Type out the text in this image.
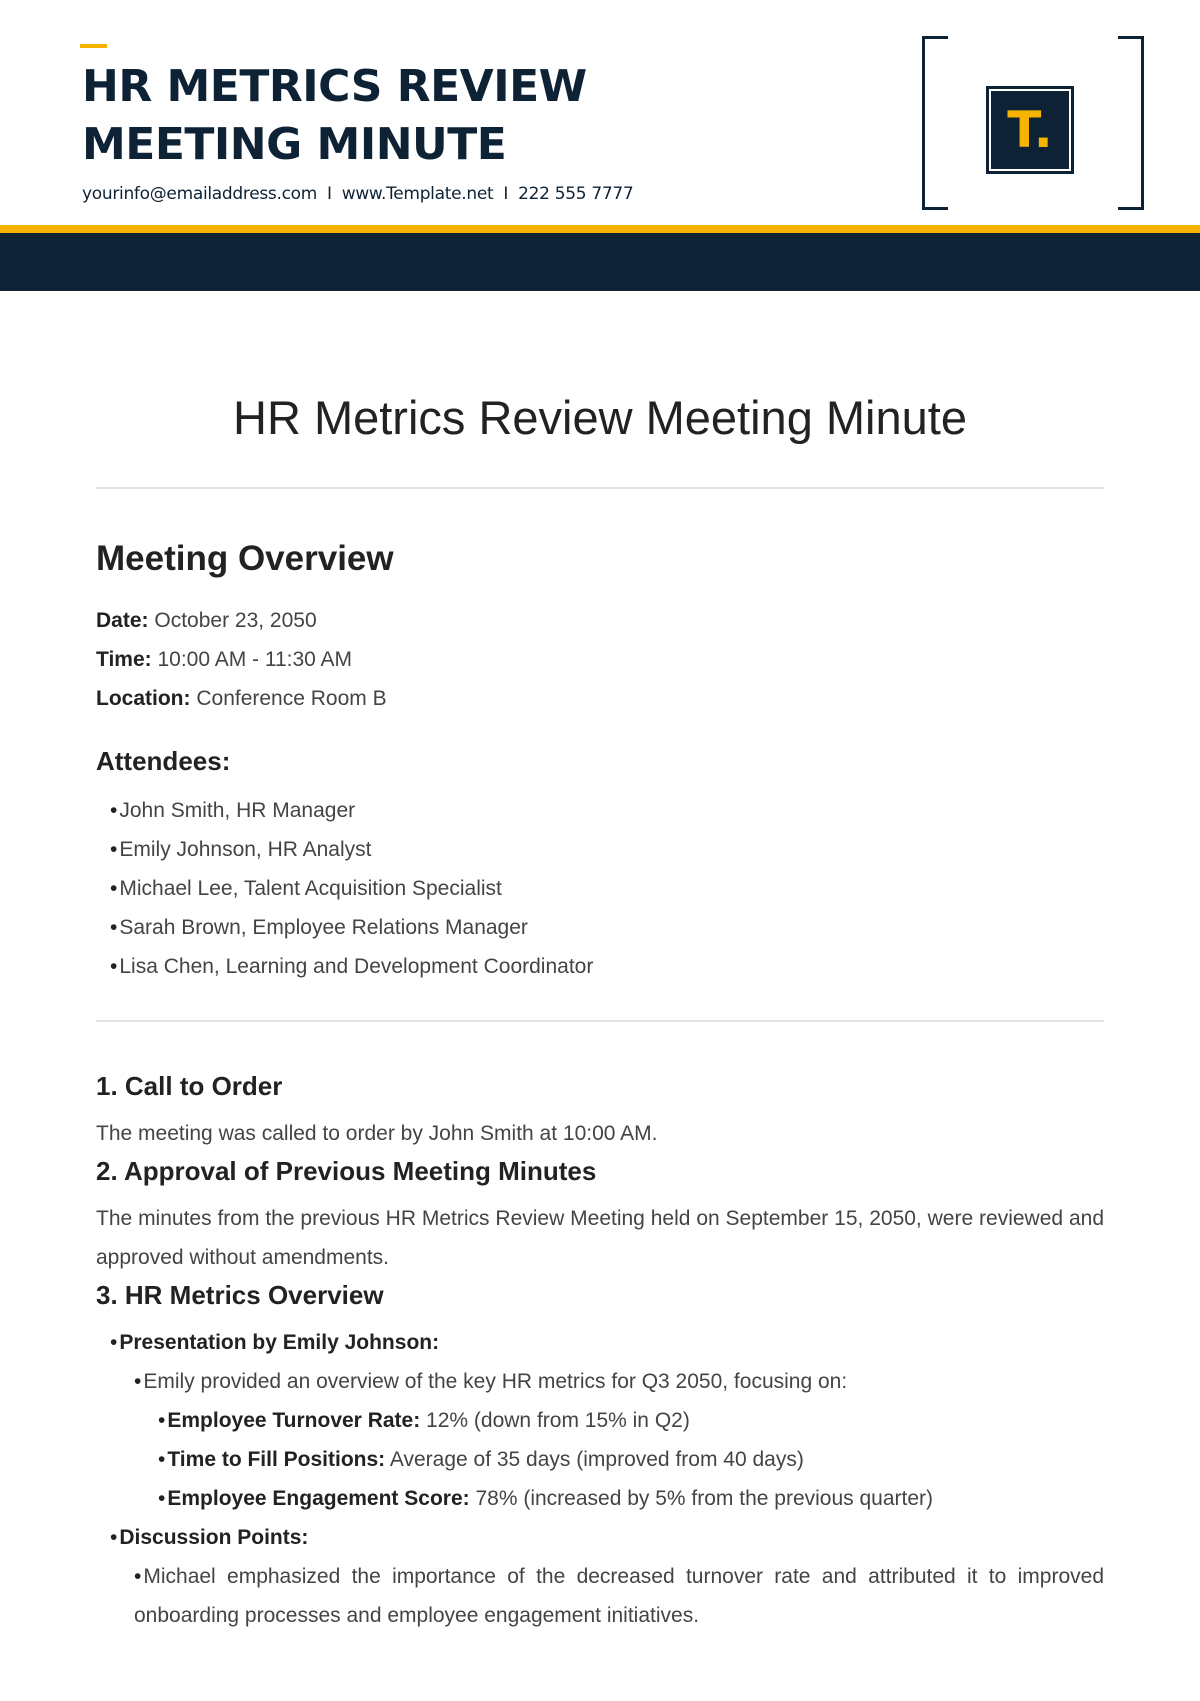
HR METRICS REVIEW
MEETING MINUTE
yourinfo@emailaddress.com I www.Template.net I 222 555 7777
T.
HR Metrics Review Meeting Minute
Meeting Overview
Date: October 23, 2050
Time: 10:00 AM - 11:30 AM
Location: Conference Room B
Attendees:
• John Smith, HR Manager
• Emily Johnson, HR Analyst
• Michael Lee, Talent Acquisition Specialist
• Sarah Brown, Employee Relations Manager
• Lisa Chen, Learning and Development Coordinator
1. Call to Order

The meeting was called to order by John Smith at 10:00 AM.

2. Approval of Previous Meeting Minutes

The minutes from the previous HR Metrics Review Meeting held on September 15, 2050, were reviewed and approved without amendments.

3. HR Metrics Overview
• Presentation by Emily Johnson:
• Emily provided an overview of the key HR metrics for Q3 2050, focusing on:
• Employee Turnover Rate: 12% (down from 15% in Q2)
• Time to Fill Positions: Average of 35 days (improved from 40 days)
• Employee Engagement Score: 78% (increased by 5% from the previous quarter)
• Discussion Points:
• Michael emphasized the importance of the decreased turnover rate and attributed it to improved onboarding processes and employee engagement initiatives.
